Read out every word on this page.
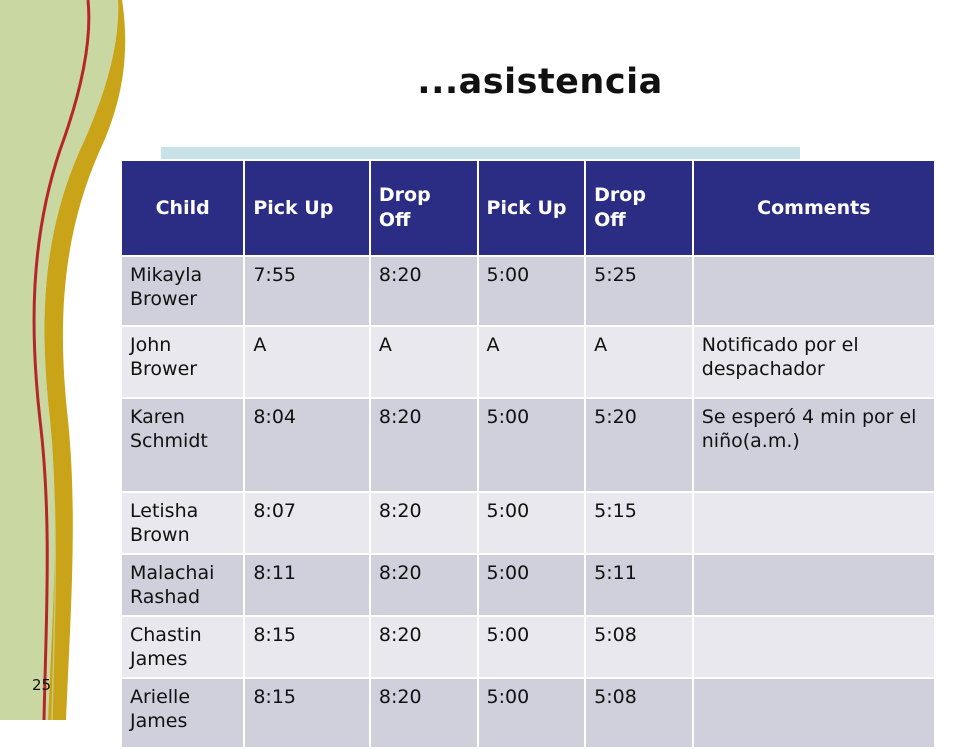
...asistencia
Child	Pick Up	Drop Off	Pick Up	Drop Off	Comments
Mikayla Brower	7:55	8:20	5:00	5:25	
John Brower	A	A	A	A	Notificado por el despachador
Karen Schmidt	8:04	8:20	5:00	5:20	Se esperó 4 min por el niño(a.m.)
Letisha Brown	8:07	8:20	5:00	5:15	
Malachai Rashad	8:11	8:20	5:00	5:11	
Chastin James	8:15	8:20	5:00	5:08	
Arielle James	8:15	8:20	5:00	5:08	
25
